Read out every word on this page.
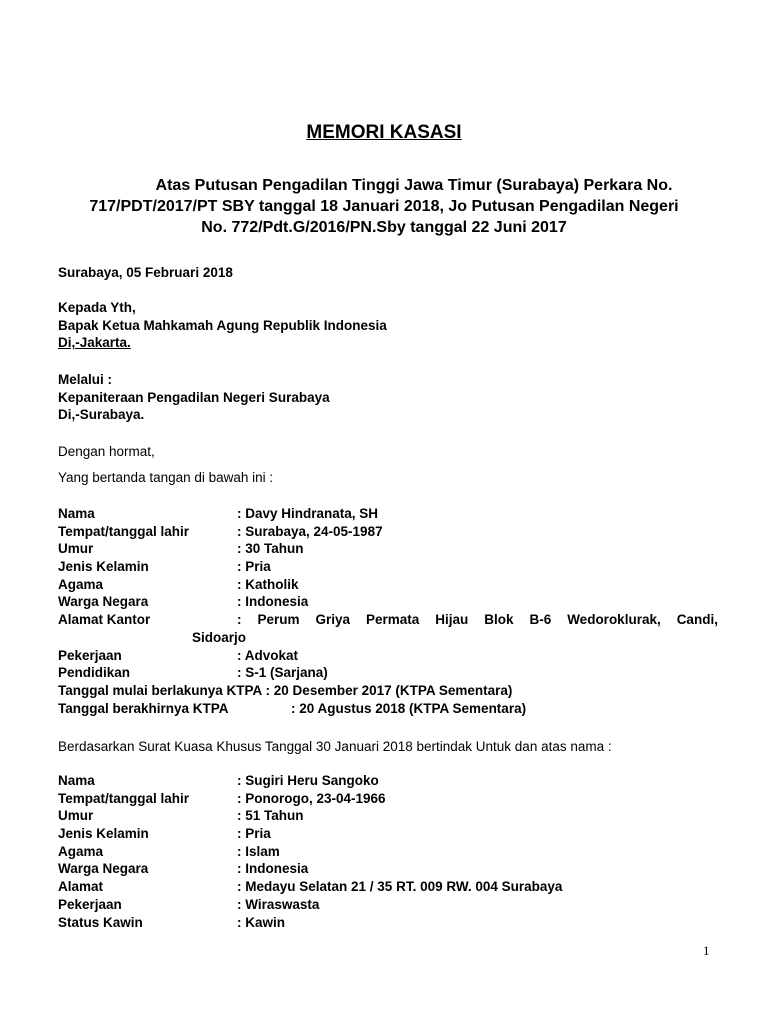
MEMORI KASASI
Atas Putusan Pengadilan Tinggi Jawa Timur (Surabaya) Perkara No.
717/PDT/2017/PT SBY tanggal 18 Januari 2018, Jo Putusan Pengadilan Negeri
No. 772/Pdt.G/2016/PN.Sby tanggal 22 Juni 2017
Surabaya, 05 Februari 2018
Kepada Yth,
Bapak Ketua Mahkamah Agung Republik Indonesia
Di,-Jakarta.
Melalui :
Kepaniteraan Pengadilan Negeri Surabaya
Di,-Surabaya.
Dengan hormat,
Yang bertanda tangan di bawah ini :
Nama	: Davy Hindranata, SH
Tempat/tanggal lahir	: Surabaya, 24-05-1987
Umur	: 30 Tahun
Jenis Kelamin	: Pria
Agama	: Katholik
Warga Negara	: Indonesia
Alamat Kantor	: Perum Griya Permata Hijau Blok B-6 Wedoroklurak, Candi,
Sidoarjo
Pekerjaan	: Advokat
Pendidikan	: S-1 (Sarjana)
Tanggal mulai berlakunya KTPA : 20 Desember 2017 (KTPA Sementara)
Tanggal berakhirnya KTPA	: 20 Agustus 2018 (KTPA Sementara)
Berdasarkan Surat Kuasa Khusus Tanggal 30 Januari 2018 bertindak Untuk dan atas nama :
Nama	: Sugiri Heru Sangoko
Tempat/tanggal lahir	: Ponorogo, 23-04-1966
Umur	: 51 Tahun
Jenis Kelamin	: Pria
Agama	: Islam
Warga Negara	: Indonesia
Alamat	: Medayu Selatan 21 / 35 RT. 009 RW. 004 Surabaya
Pekerjaan	: Wiraswasta
Status Kawin	: Kawin
1
